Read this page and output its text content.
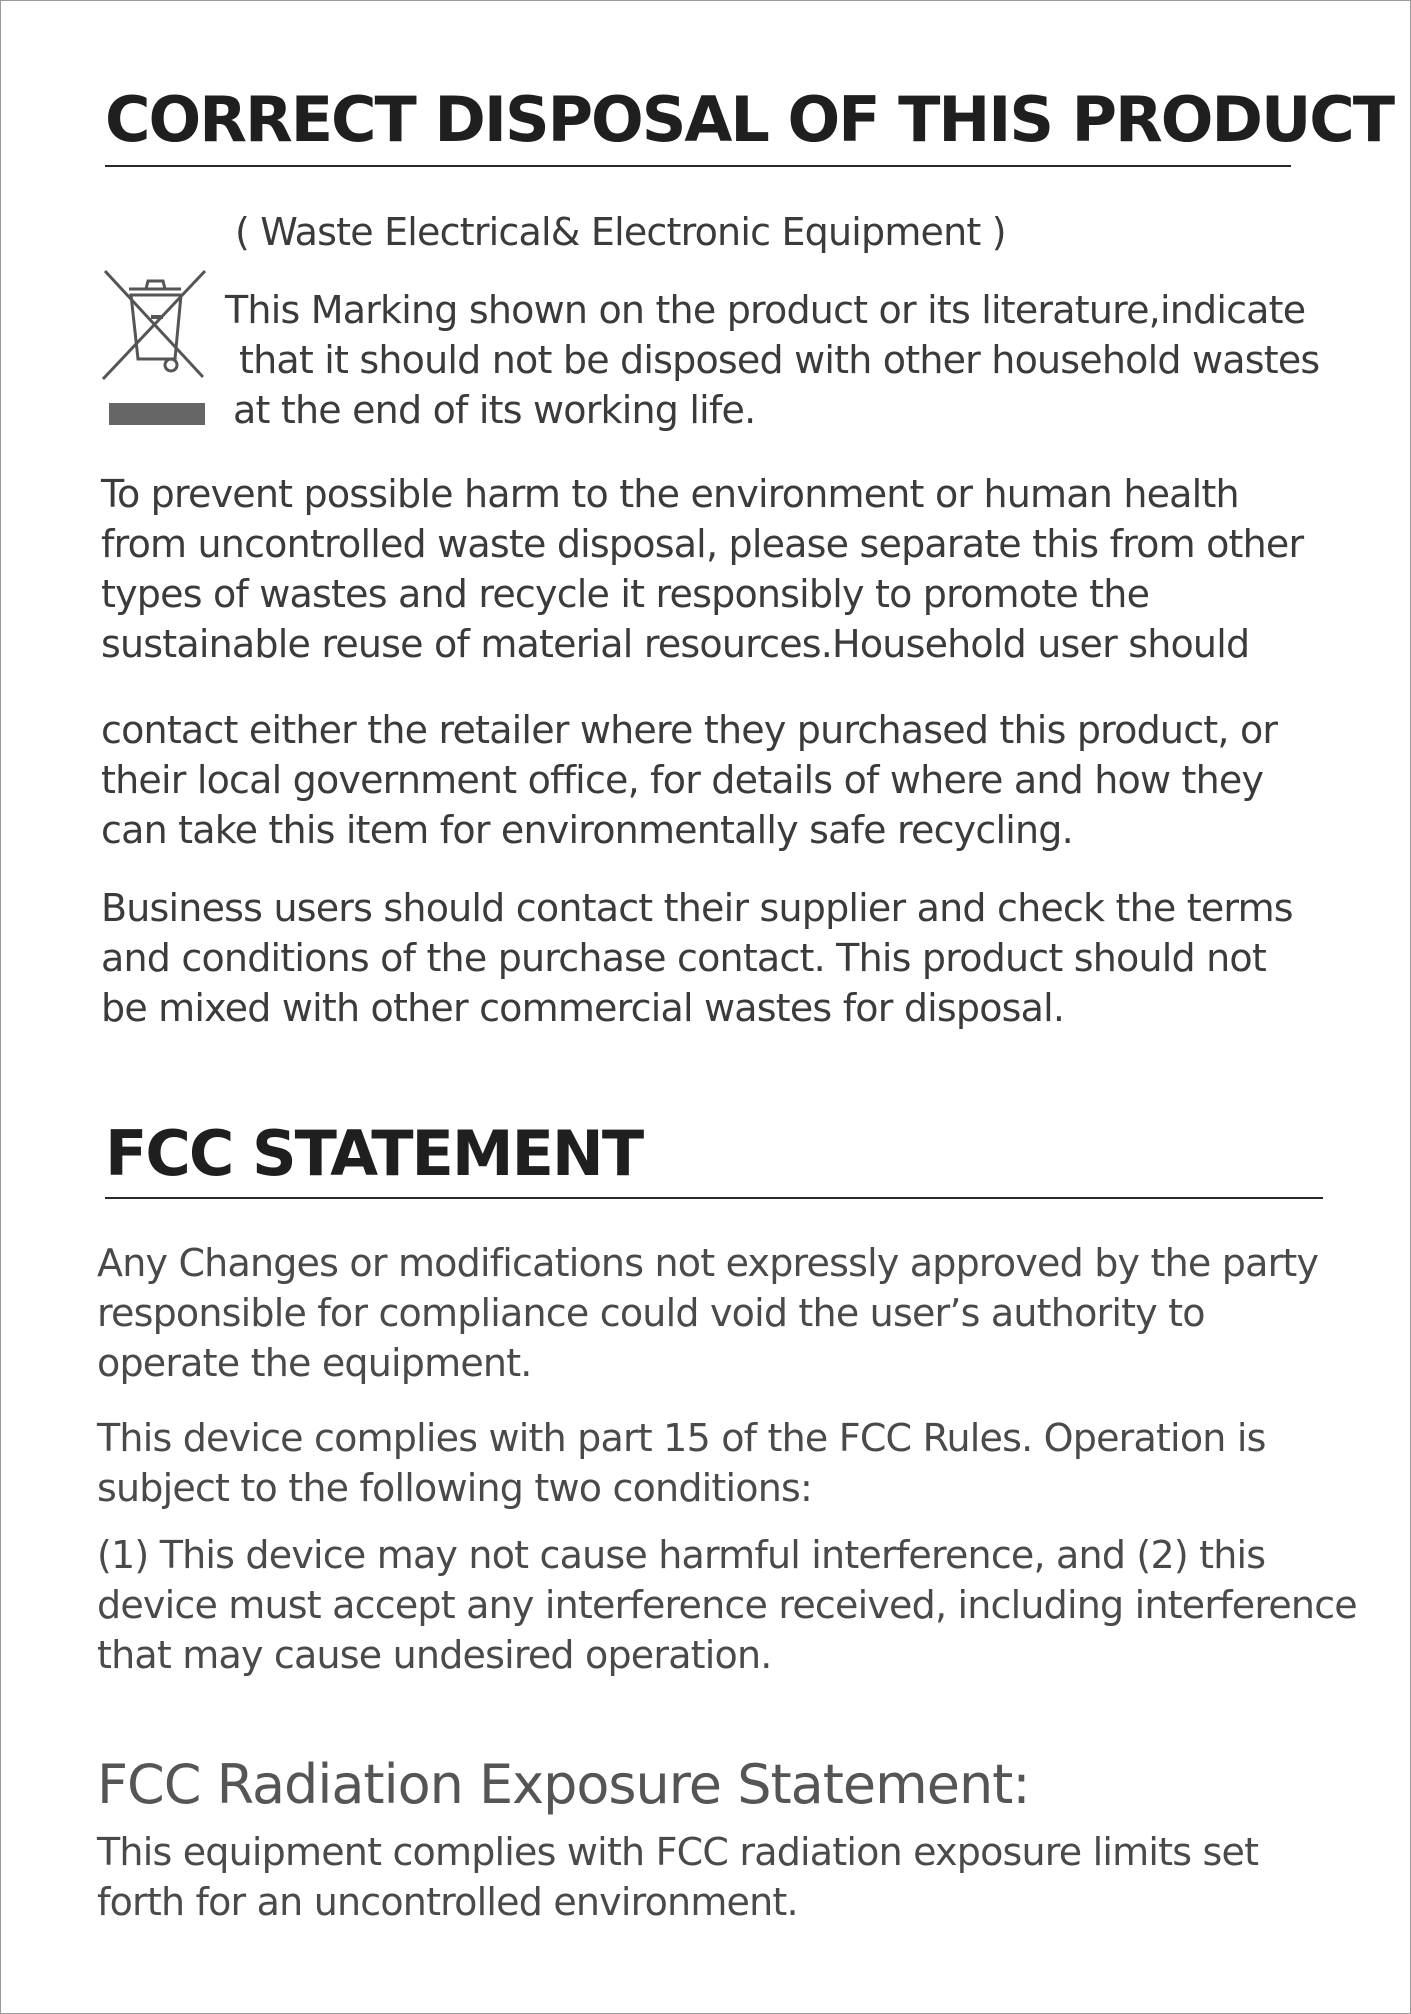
CORRECT DISPOSAL OF THIS PRODUCT
( Waste Electrical& Electronic Equipment )
This Marking shown on the product or its literature,indicate
that it should not be disposed with other household wastes
at the end of its working life.
To prevent possible harm to the environment or human health
from uncontrolled waste disposal, please separate this from other
types of wastes and recycle it responsibly to promote the
sustainable reuse of material resources.Household user should
contact either the retailer where they purchased this product, or
their local government office, for details of where and how they
can take this item for environmentally safe recycling.
Business users should contact their supplier and check the terms
and conditions of the purchase contact. This product should not
be mixed with other commercial wastes for disposal.
FCC STATEMENT
Any Changes or modifications not expressly approved by the party
responsible for compliance could void the user’s authority to
operate the equipment.
This device complies with part 15 of the FCC Rules. Operation is
subject to the following two conditions:
(1) This device may not cause harmful interference, and (2) this
device must accept any interference received, including interference
that may cause undesired operation.
FCC Radiation Exposure Statement:
This equipment complies with FCC radiation exposure limits set
forth for an uncontrolled environment.
